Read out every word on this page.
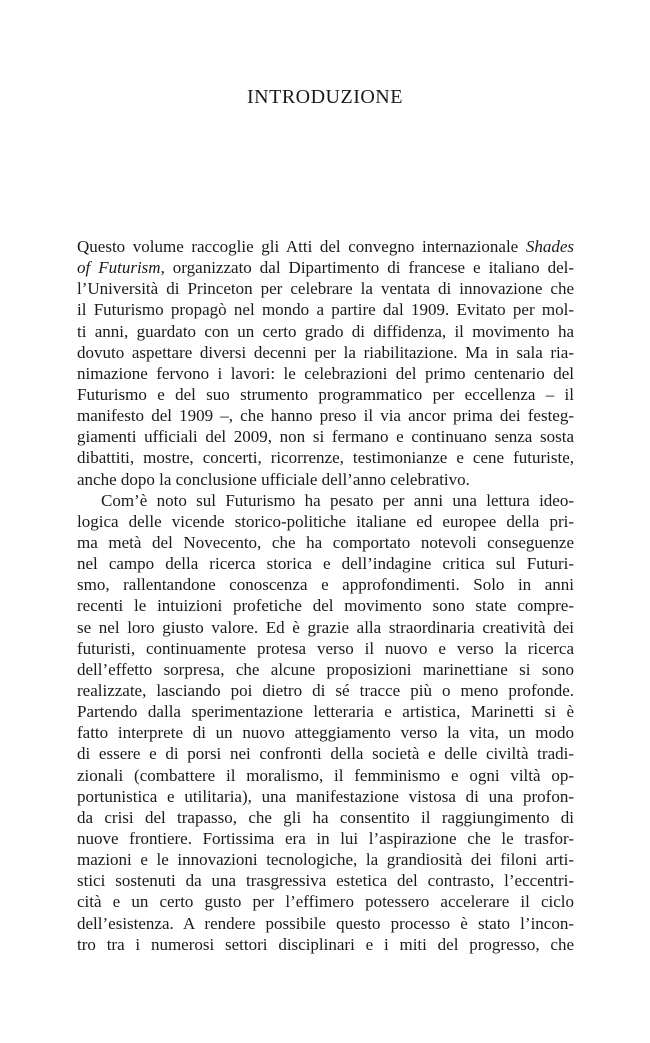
INTRODUZIONE
Questo volume raccoglie gli Atti del convegno internazionale Shades
of Futurism, organizzato dal Dipartimento di francese e italiano del-
l’Università di Princeton per celebrare la ventata di innovazione che
il Futurismo propagò nel mondo a partire dal 1909. Evitato per mol-
ti anni, guardato con un certo grado di diffidenza, il movimento ha
dovuto aspettare diversi decenni per la riabilitazione. Ma in sala ria-
nimazione fervono i lavori: le celebrazioni del primo centenario del
Futurismo e del suo strumento programmatico per eccellenza – il
manifesto del 1909 –, che hanno preso il via ancor prima dei festeg-
giamenti ufficiali del 2009, non si fermano e continuano senza sosta
dibattiti, mostre, concerti, ricorrenze, testimonianze e cene futuriste,
anche dopo la conclusione ufficiale dell’anno celebrativo.
Com’è noto sul Futurismo ha pesato per anni una lettura ideo-
logica delle vicende storico-politiche italiane ed europee della pri-
ma metà del Novecento, che ha comportato notevoli conseguenze
nel campo della ricerca storica e dell’indagine critica sul Futuri-
smo, rallentandone conoscenza e approfondimenti. Solo in anni
recenti le intuizioni profetiche del movimento sono state compre-
se nel loro giusto valore. Ed è grazie alla straordinaria creatività dei
futuristi, continuamente protesa verso il nuovo e verso la ricerca
dell’effetto sorpresa, che alcune proposizioni marinettiane si sono
realizzate, lasciando poi dietro di sé tracce più o meno profonde.
Partendo dalla sperimentazione letteraria e artistica, Marinetti si è
fatto interprete di un nuovo atteggiamento verso la vita, un modo
di essere e di porsi nei confronti della società e delle civiltà tradi-
zionali (combattere il moralismo, il femminismo e ogni viltà op-
portunistica e utilitaria), una manifestazione vistosa di una profon-
da crisi del trapasso, che gli ha consentito il raggiungimento di
nuove frontiere. Fortissima era in lui l’aspirazione che le trasfor-
mazioni e le innovazioni tecnologiche, la grandiosità dei filoni arti-
stici sostenuti da una trasgressiva estetica del contrasto, l’eccentri-
cità e un certo gusto per l’effimero potessero accelerare il ciclo
dell’esistenza. A rendere possibile questo processo è stato l’incon-
tro tra i numerosi settori disciplinari e i miti del progresso, che
